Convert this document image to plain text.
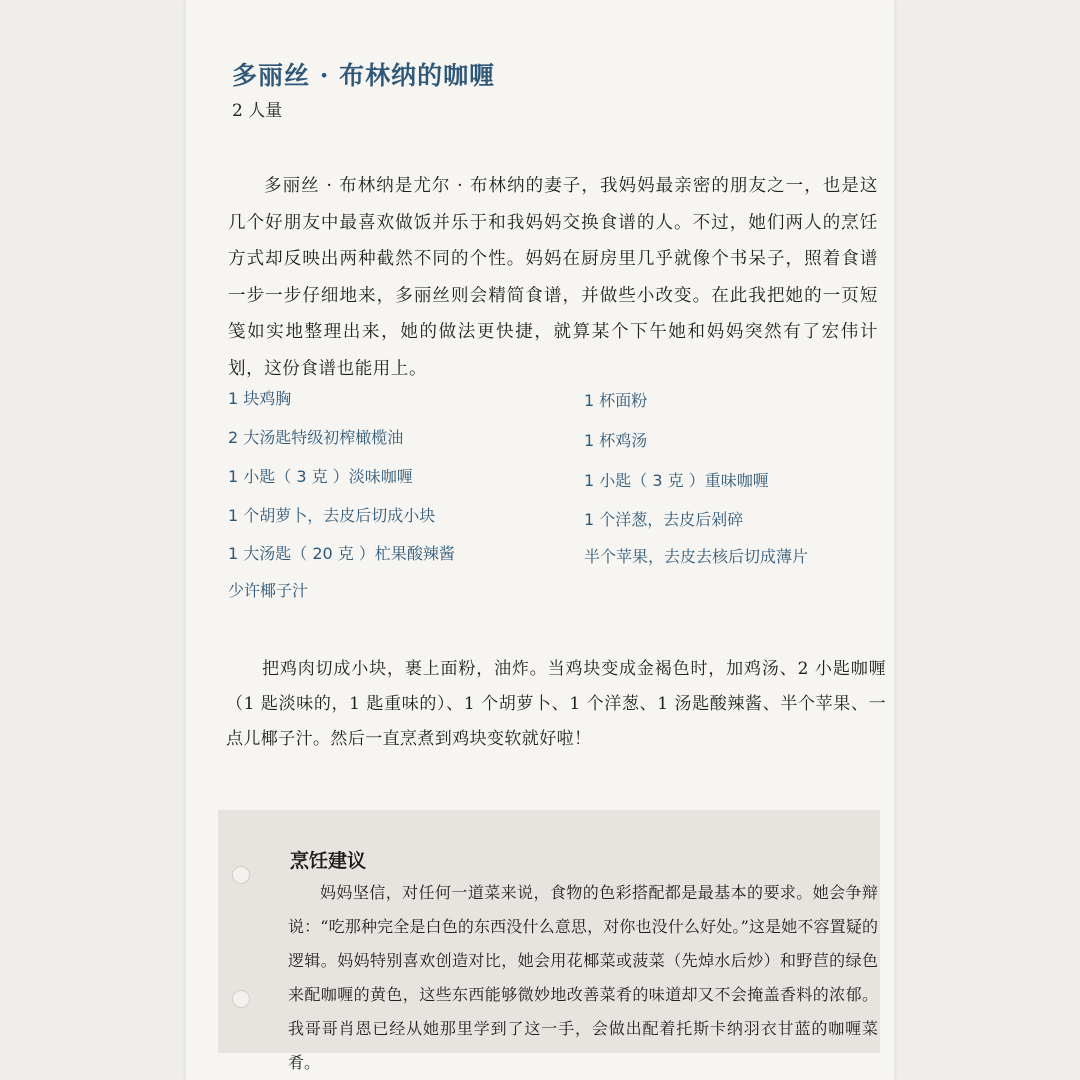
多丽丝 · 布林纳的咖喱
2 人量
多丽丝 · 布林纳是尤尔 · 布林纳的妻子，我妈妈最亲密的朋友之一，也是这几个好朋友中最喜欢做饭并乐于和我妈妈交换食谱的人。不过，她们两人的烹饪方式却反映出两种截然不同的个性。妈妈在厨房里几乎就像个书呆子，照着食谱一步一步仔细地来，多丽丝则会精简食谱，并做些小改变。在此我把她的一页短笺如实地整理出来，她的做法更快捷，就算某个下午她和妈妈突然有了宏伟计划，这份食谱也能用上。
1 块鸡胸
2 大汤匙特级初榨橄榄油
1 小匙（ 3 克 ）淡味咖喱
1 个胡萝卜，去皮后切成小块
1 大汤匙（ 20 克 ）杧果酸辣酱
少许椰子汁
1 杯面粉
1 杯鸡汤
1 小匙（ 3 克 ）重味咖喱
1 个洋葱，去皮后剁碎
半个苹果，去皮去核后切成薄片
把鸡肉切成小块，裹上面粉，油炸。当鸡块变成金褐色时，加鸡汤、2 小匙咖喱（1 匙淡味的，1 匙重味的）、1 个胡萝卜、1 个洋葱、1 汤匙酸辣酱、半个苹果、一点儿椰子汁。然后一直烹煮到鸡块变软就好啦！
烹饪建议
妈妈坚信，对任何一道菜来说，食物的色彩搭配都是最基本的要求。她会争辩说：“吃那种完全是白色的东西没什么意思，对你也没什么好处。”这是她不容置疑的逻辑。妈妈特别喜欢创造对比，她会用花椰菜或菠菜（先焯水后炒）和野苣的绿色来配咖喱的黄色，这些东西能够微妙地改善菜肴的味道却又不会掩盖香料的浓郁。我哥哥肖恩已经从她那里学到了这一手，会做出配着托斯卡纳羽衣甘蓝的咖喱菜肴。
